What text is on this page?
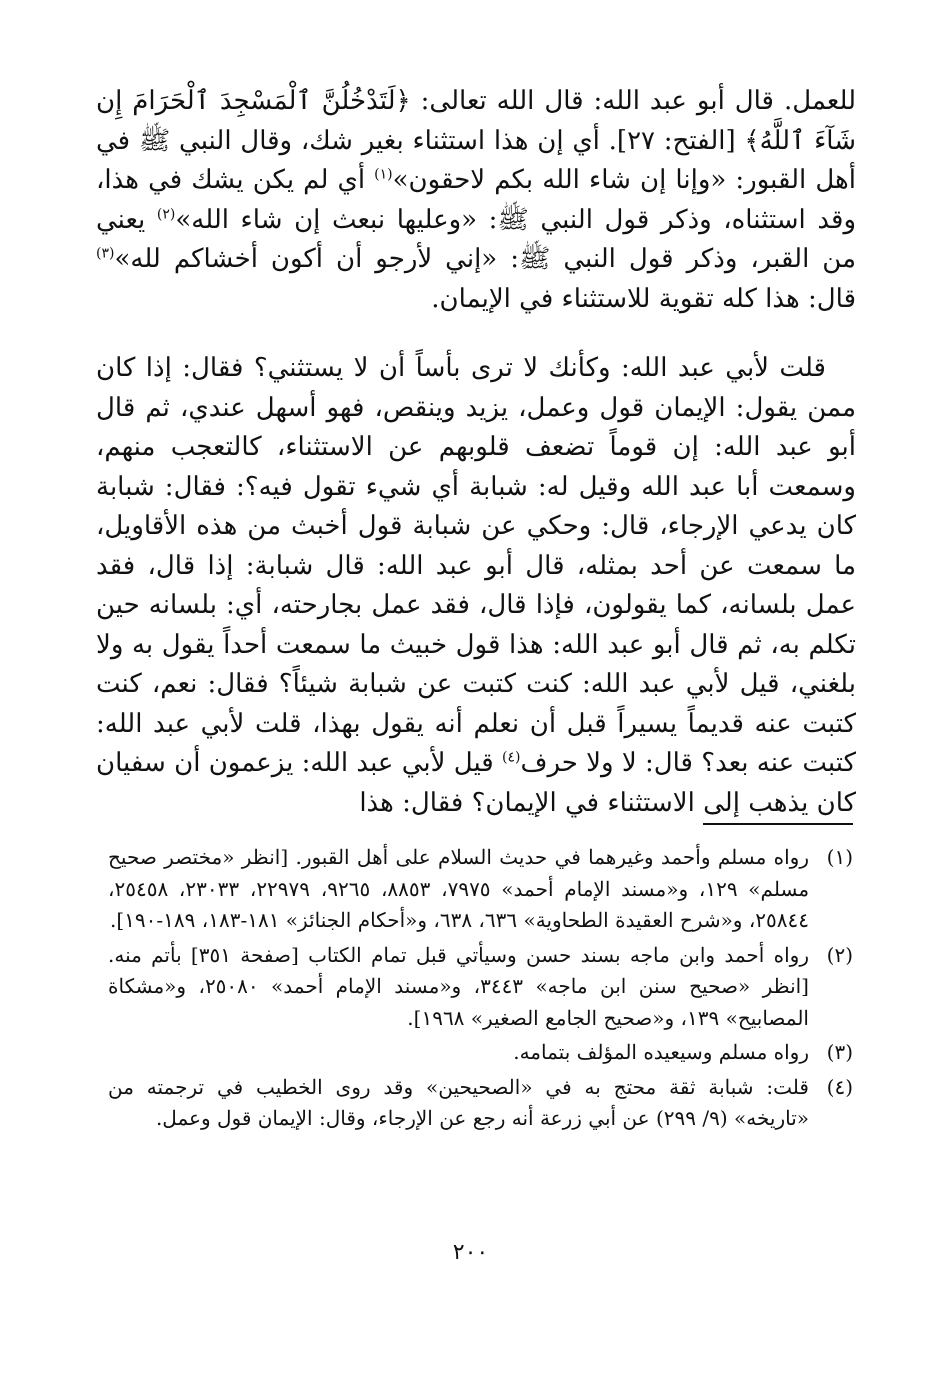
للعمل. قال أبو عبد الله: قال الله تعالى: ﴿لَتَدْخُلُنَّ ٱلْمَسْجِدَ ٱلْحَرَامَ إِن شَآءَ ٱللَّهُ﴾ [الفتح: ٢٧]. أي إن هذا استثناء بغير شك، وقال النبي ﷺ في أهل القبور: «وإنا إن شاء الله بكم لاحقون»$^{(١)}$ أي لم يكن يشك في هذا، وقد استثناه، وذكر قول النبي ﷺ: «وعليها نبعث إن شاء الله»$^{(٢)}$ يعني من القبر، وذكر قول النبي ﷺ: «إني لأرجو أن أكون أخشاكم لله»$^{(٣)}$ قال: هذا كله تقوية للاستثناء في الإيمان.

قلت لأبي عبد الله: وكأنك لا ترى بأساً أن لا يستثني؟ فقال: إذا كان ممن يقول: الإيمان قول وعمل، يزيد وينقص، فهو أسهل عندي، ثم قال أبو عبد الله: إن قوماً تضعف قلوبهم عن الاستثناء، كالتعجب منهم، وسمعت أبا عبد الله وقيل له: شبابة أي شيء تقول فيه؟: فقال: شبابة كان يدعي الإرجاء، قال: وحكي عن شبابة قول أخبث من هذه الأقاويل، ما سمعت عن أحد بمثله، قال أبو عبد الله: قال شبابة: إذا قال، فقد عمل بلسانه، كما يقولون، فإذا قال، فقد عمل بجارحته، أي: بلسانه حين تكلم به، ثم قال أبو عبد الله: هذا قول خبيث ما سمعت أحداً يقول به ولا بلغني، قيل لأبي عبد الله: كنت كتبت عن شبابة شيئاً؟ فقال: نعم، كنت كتبت عنه قديماً يسيراً قبل أن نعلم أنه يقول بهذا، قلت لأبي عبد الله: كتبت عنه بعد؟ قال: لا ولا حرف$^{(٤)}$ قيل لأبي عبد الله: يزعمون أن سفيان كان يذهب إلى الاستثناء في الإيمان؟ فقال: هذا

(١)
رواه مسلم وأحمد وغيرهما في حديث السلام على أهل القبور. [انظر «مختصر صحيح مسلم» ١٢٩، و«مسند الإمام أحمد» ٧٩٧٥، ٨٨٥٣، ٩٢٦٥، ٢٢٩٧٩، ٢٣٠٣٣، ٢٥٤٥٨، ٢٥٨٤٤، و«شرح العقيدة الطحاوية» ٦٣٦، ٦٣٨، و«أحكام الجنائز» ١٨١-١٨٣، ١٨٩-١٩٠].
(٢)
رواه أحمد وابن ماجه بسند حسن وسيأتي قبل تمام الكتاب [صفحة ٣٥١] بأتم منه. [انظر «صحيح سنن ابن ماجه» ٣٤٤٣، و«مسند الإمام أحمد» ٢٥٠٨٠، و«مشكاة المصابيح» ١٣٩، و«صحيح الجامع الصغير» ١٩٦٨].
(٣)
رواه مسلم وسيعيده المؤلف بتمامه.
(٤)
قلت: شبابة ثقة محتج به في «الصحيحين» وقد روى الخطيب في ترجمته من «تاريخه» (٩/ ٢٩٩) عن أبي زرعة أنه رجع عن الإرجاء، وقال: الإيمان قول وعمل.
٢٠٠
